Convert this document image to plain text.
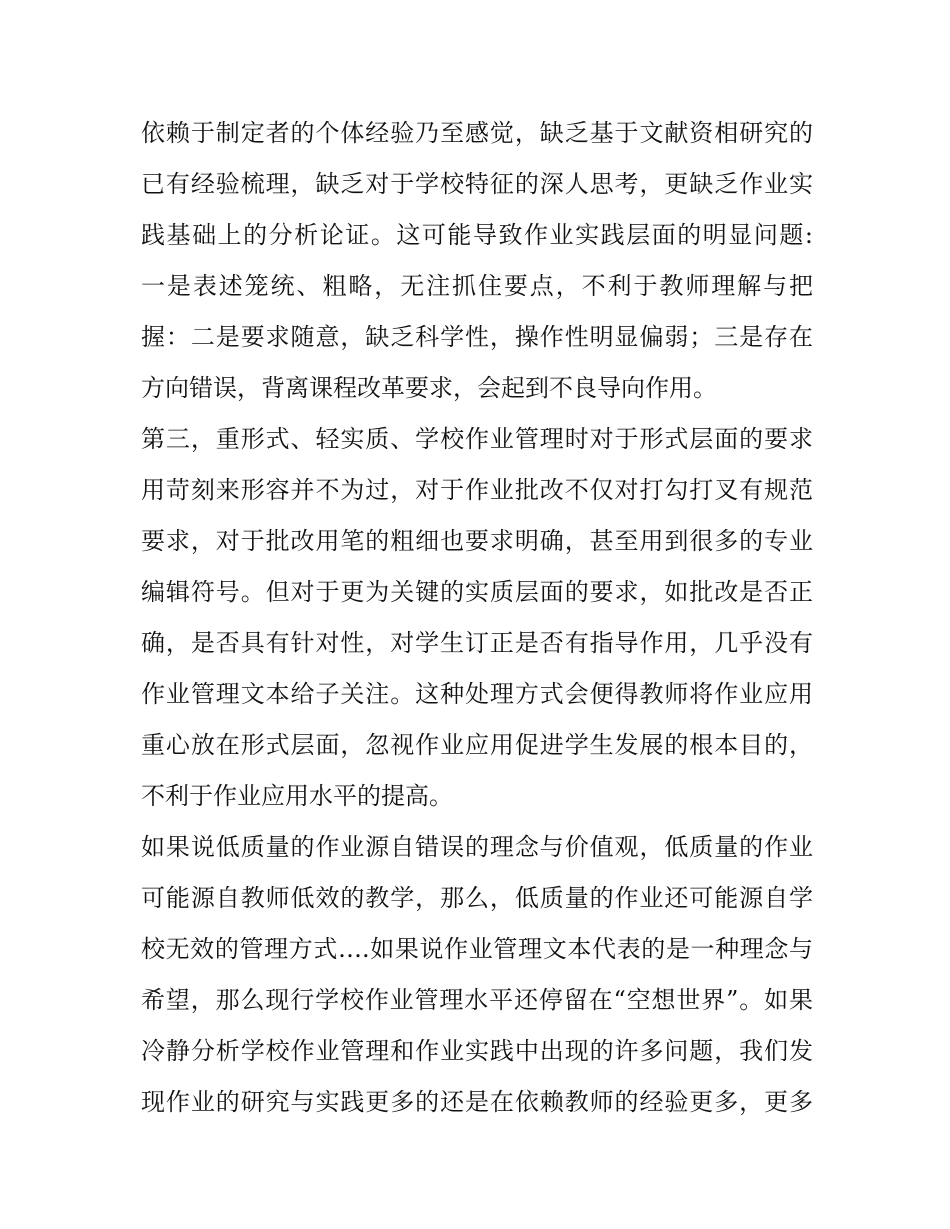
依赖于制定者的个体经验乃至感觉，缺乏基于文献资相研究的
已有经验梳理，缺乏对于学校特征的深人思考，更缺乏作业实
践基础上的分析论证。这可能导致作业实践层面的明显问题:
一是表述笼统、粗略，无注抓住要点，不利于教师理解与把
握：二是要求随意，缺乏科学性，操作性明显偏弱；三是存在
方向错误，背离课程改革要求，会起到不良导向作用。
第三，重形式、轻实质、学校作业管理时对于形式层面的要求
用苛刻来形容并不为过，对于作业批改不仅对打勾打叉有规范
要求，对于批改用笔的粗细也要求明确，甚至用到很多的专业
编辑符号。但对于更为关键的实质层面的要求，如批改是否正
确，是否具有针对性，对学生订正是否有指导作用，几乎没有
作业管理文本给子关注。这种处理方式会便得教师将作业应用
重心放在形式层面，忽视作业应用促进学生发展的根本目的，
不利于作业应用水平的提高。
如果说低质量的作业源自错误的理念与价值观，低质量的作业
可能源自教师低效的教学，那么，低质量的作业还可能源自学
校无效的管理方式….如果说作业管理文本代表的是一种理念与
希望，那么现行学校作业管理水平还停留在“空想世界”。如果
冷静分析学校作业管理和作业实践中出现的许多问题，我们发
现作业的研究与实践更多的还是在依赖教师的经验更多，更多
